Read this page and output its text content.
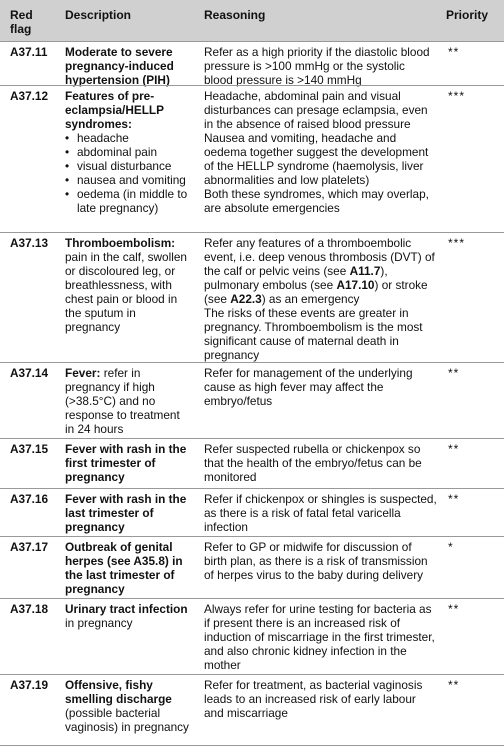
Red
flag
Description	Reasoning	Priority
A37.11 Moderate to severe pregnancy-induced hypertension (PIH)
Refer as a high priority if the diastolic blood pressure is >100 mmHg or the systolic blood pressure is >140 mmHg
**
A37.12 Features of pre-eclampsia/HELLP syndromes:
• headache
• abdominal pain
• visual disturbance
• nausea and vomiting
• oedema (in middle to late pregnancy)
Headache, abdominal pain and visual disturbances can presage eclampsia, even in the absence of raised blood pressure
Nausea and vomiting, headache and oedema together suggest the development of the HELLP syndrome (haemolysis, liver abnormalities and low platelets)
Both these syndromes, which may overlap, are absolute emergencies
***
A37.13 Thromboembolism: pain in the calf, swollen or discoloured leg, or breathlessness, with chest pain or blood in the sputum in pregnancy
Refer any features of a thromboembolic event, i.e. deep venous thrombosis (DVT) of the calf or pelvic veins (see A11.7), pulmonary embolus (see A17.10) or stroke (see A22.3) as an emergency
The risks of these events are greater in pregnancy. Thromboembolism is the most significant cause of maternal death in pregnancy
***
A37.14 Fever: refer in pregnancy if high (>38.5°C) and no response to treatment in 24 hours
Refer for management of the underlying cause as high fever may affect the embryo/fetus
**
A37.15 Fever with rash in the first trimester of pregnancy
Refer suspected rubella or chickenpox so that the health of the embryo/fetus can be monitored
**
A37.16 Fever with rash in the last trimester of pregnancy
Refer if chickenpox or shingles is suspected, as there is a risk of fatal fetal varicella infection
**
A37.17 Outbreak of genital herpes (see A35.8) in the last trimester of pregnancy
Refer to GP or midwife for discussion of birth plan, as there is a risk of transmission of herpes virus to the baby during delivery
*
A37.18 Urinary tract infection in pregnancy
Always refer for urine testing for bacteria as if present there is an increased risk of induction of miscarriage in the first trimester, and also chronic kidney infection in the mother
**
A37.19 Offensive, fishy smelling discharge (possible bacterial vaginosis) in pregnancy
Refer for treatment, as bacterial vaginosis leads to an increased risk of early labour and miscarriage
**
